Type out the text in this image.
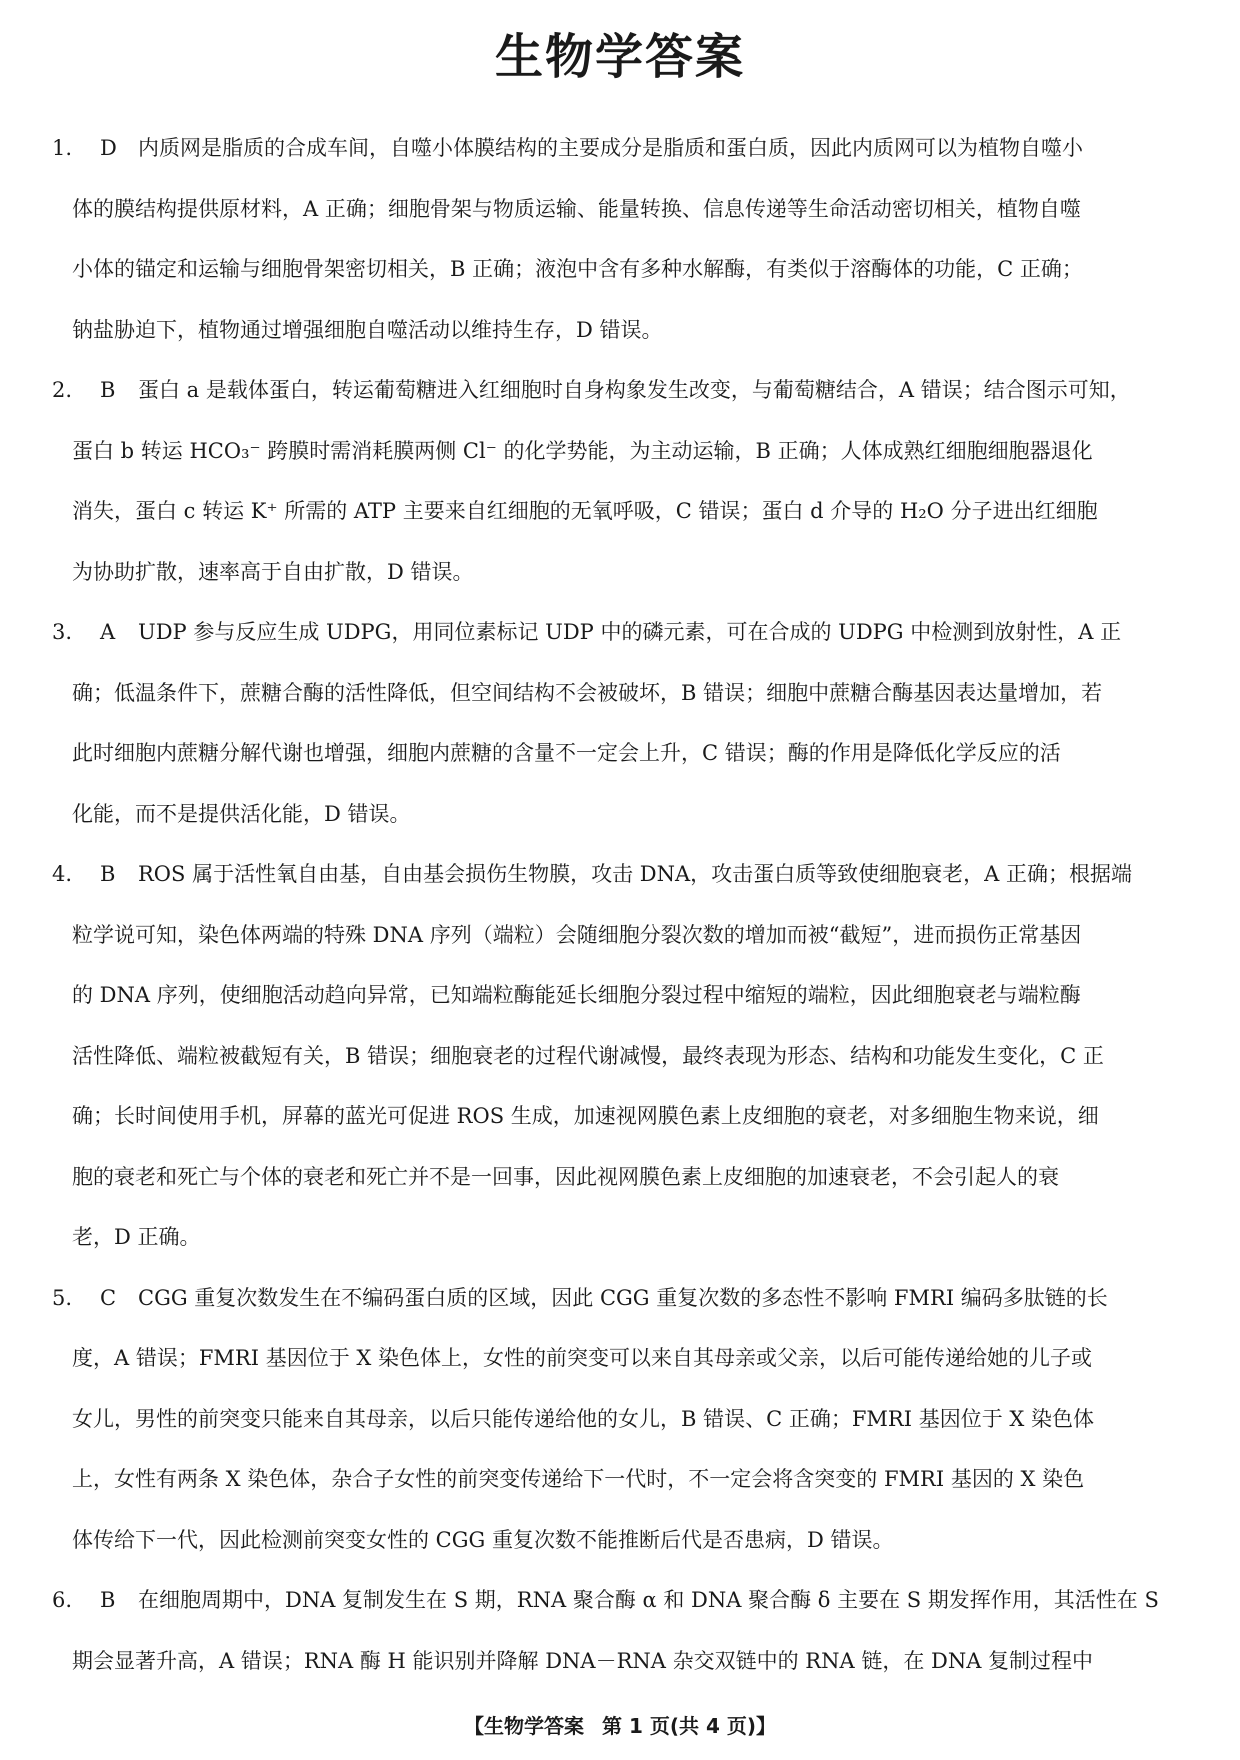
生物学答案
1. D 内质网是脂质的合成车间，自噬小体膜结构的主要成分是脂质和蛋白质，因此内质网可以为植物自噬小
体的膜结构提供原材料，A 正确；细胞骨架与物质运输、能量转换、信息传递等生命活动密切相关，植物自噬
小体的锚定和运输与细胞骨架密切相关，B 正确；液泡中含有多种水解酶，有类似于溶酶体的功能，C 正确；
钠盐胁迫下，植物通过增强细胞自噬活动以维持生存，D 错误。
2. B 蛋白 a 是载体蛋白，转运葡萄糖进入红细胞时自身构象发生改变，与葡萄糖结合，A 错误；结合图示可知，
蛋白 b 转运 HCO₃⁻ 跨膜时需消耗膜两侧 Cl⁻ 的化学势能，为主动运输，B 正确；人体成熟红细胞细胞器退化
消失，蛋白 c 转运 K⁺ 所需的 ATP 主要来自红细胞的无氧呼吸，C 错误；蛋白 d 介导的 H₂O 分子进出红细胞
为协助扩散，速率高于自由扩散，D 错误。
3. A UDP 参与反应生成 UDPG，用同位素标记 UDP 中的磷元素，可在合成的 UDPG 中检测到放射性，A 正
确；低温条件下，蔗糖合酶的活性降低，但空间结构不会被破坏，B 错误；细胞中蔗糖合酶基因表达量增加，若
此时细胞内蔗糖分解代谢也增强，细胞内蔗糖的含量不一定会上升，C 错误；酶的作用是降低化学反应的活
化能，而不是提供活化能，D 错误。
4. B ROS 属于活性氧自由基，自由基会损伤生物膜，攻击 DNA，攻击蛋白质等致使细胞衰老，A 正确；根据端
粒学说可知，染色体两端的特殊 DNA 序列（端粒）会随细胞分裂次数的增加而被“截短”，进而损伤正常基因
的 DNA 序列，使细胞活动趋向异常，已知端粒酶能延长细胞分裂过程中缩短的端粒，因此细胞衰老与端粒酶
活性降低、端粒被截短有关，B 错误；细胞衰老的过程代谢减慢，最终表现为形态、结构和功能发生变化，C 正
确；长时间使用手机，屏幕的蓝光可促进 ROS 生成，加速视网膜色素上皮细胞的衰老，对多细胞生物来说，细
胞的衰老和死亡与个体的衰老和死亡并不是一回事，因此视网膜色素上皮细胞的加速衰老，不会引起人的衰
老，D 正确。
5. C CGG 重复次数发生在不编码蛋白质的区域，因此 CGG 重复次数的多态性不影响 FMRI 编码多肽链的长
度，A 错误；FMRI 基因位于 X 染色体上，女性的前突变可以来自其母亲或父亲，以后可能传递给她的儿子或
女儿，男性的前突变只能来自其母亲，以后只能传递给他的女儿，B 错误、C 正确；FMRI 基因位于 X 染色体
上，女性有两条 X 染色体，杂合子女性的前突变传递给下一代时，不一定会将含突变的 FMRI 基因的 X 染色
体传给下一代，因此检测前突变女性的 CGG 重复次数不能推断后代是否患病，D 错误。
6. B 在细胞周期中，DNA 复制发生在 S 期，RNA 聚合酶 α 和 DNA 聚合酶 δ 主要在 S 期发挥作用，其活性在 S
期会显著升高，A 错误；RNA 酶 H 能识别并降解 DNA－RNA 杂交双链中的 RNA 链，在 DNA 复制过程中
【生物学答案 第 1 页(共 4 页)】
